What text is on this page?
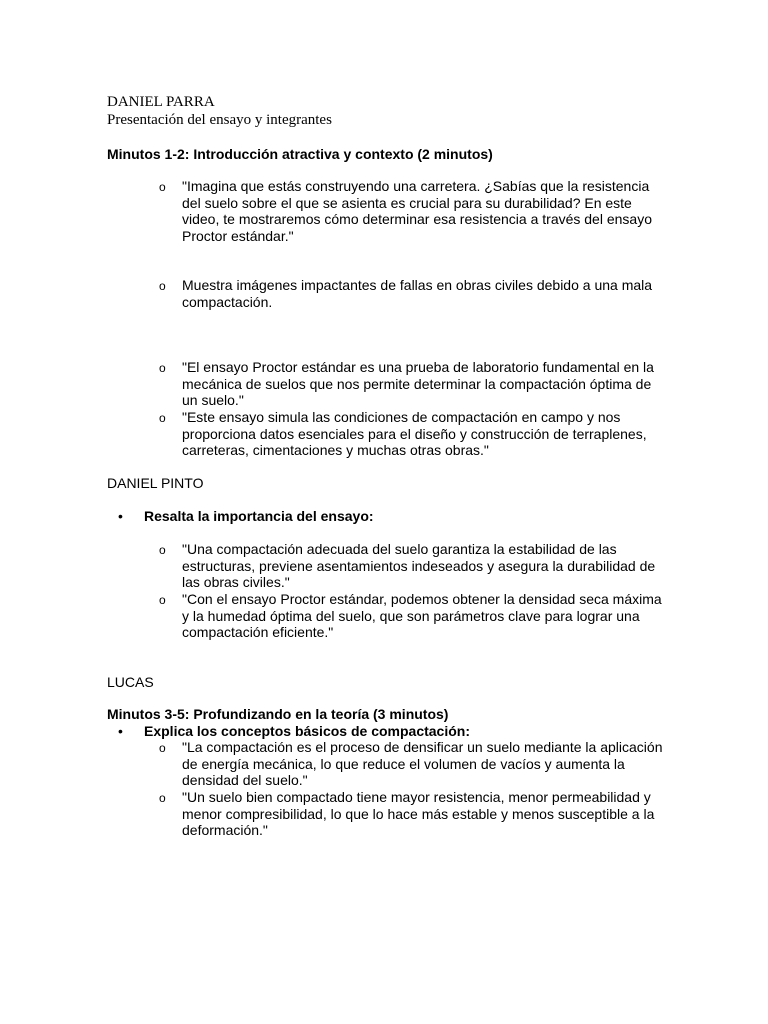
DANIEL PARRA
Presentación del ensayo y integrantes
Minutos 1-2: Introducción atractiva y contexto (2 minutos)
o "Imagina que estás construyendo una carretera. ¿Sabías que la resistencia
del suelo sobre el que se asienta es crucial para su durabilidad? En este
video, te mostraremos cómo determinar esa resistencia a través del ensayo
Proctor estándar."
o Muestra imágenes impactantes de fallas en obras civiles debido a una mala
compactación.
o "El ensayo Proctor estándar es una prueba de laboratorio fundamental en la
mecánica de suelos que nos permite determinar la compactación óptima de
un suelo."
o "Este ensayo simula las condiciones de compactación en campo y nos
proporciona datos esenciales para el diseño y construcción de terraplenes,
carreteras, cimentaciones y muchas otras obras."
DANIEL PINTO
• Resalta la importancia del ensayo:
o "Una compactación adecuada del suelo garantiza la estabilidad de las
estructuras, previene asentamientos indeseados y asegura la durabilidad de
las obras civiles."
o "Con el ensayo Proctor estándar, podemos obtener la densidad seca máxima
y la humedad óptima del suelo, que son parámetros clave para lograr una
compactación eficiente."
LUCAS
Minutos 3-5: Profundizando en la teoría (3 minutos)
• Explica los conceptos básicos de compactación:
o "La compactación es el proceso de densificar un suelo mediante la aplicación
de energía mecánica, lo que reduce el volumen de vacíos y aumenta la
densidad del suelo."
o "Un suelo bien compactado tiene mayor resistencia, menor permeabilidad y
menor compresibilidad, lo que lo hace más estable y menos susceptible a la
deformación."
